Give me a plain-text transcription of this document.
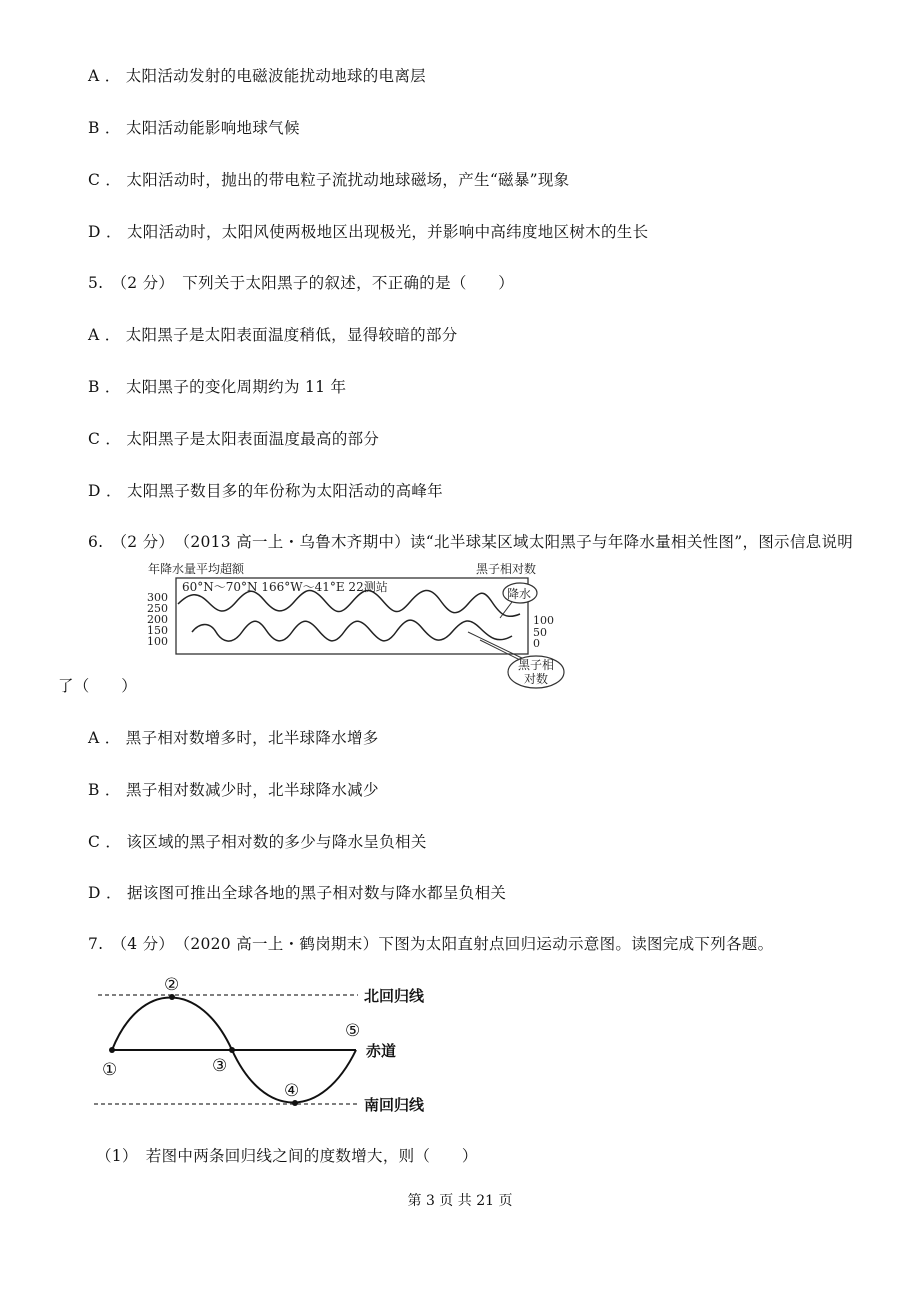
A ． 太阳活动发射的电磁波能扰动地球的电离层
B ． 太阳活动能影响地球气候
C ． 太阳活动时，抛出的带电粒子流扰动地球磁场，产生“磁暴”现象
D ． 太阳活动时，太阳风使两极地区出现极光，并影响中高纬度地区树木的生长
5.　（2 分）　下列关于太阳黑子的叙述，不正确的是（　　）
A ． 太阳黑子是太阳表面温度稍低，显得较暗的部分
B ． 太阳黑子的变化周期约为 11 年
C ． 太阳黑子是太阳表面温度最高的部分
D ． 太阳黑子数目多的年份称为太阳活动的高峰年
6.　（2 分）　（2013 高一上・乌鲁木齐期中）读“北半球某区域太阳黑子与年降水量相关性图”，图示信息说明
年降水量平均超额	黑子相对数
60°N～70°N 166°W～41°E 22测站
300
250
200
150
100
100
50
0
降水
黑子相
对数
了（　　）
A ． 黑子相对数增多时，北半球降水增多
B ． 黑子相对数减少时，北半球降水减少
C ． 该区域的黑子相对数的多少与降水呈负相关
D ． 据该图可推出全球各地的黑子相对数与降水都呈负相关
7.　（4 分）　（2020 高一上・鹤岗期末）下图为太阳直射点回归运动示意图。读图完成下列各题。
①
②
③
④
⑤
北回归线
赤道
南回归线
（1）　若图中两条回归线之间的度数增大，则（　　）
第 3 页 共 21 页
